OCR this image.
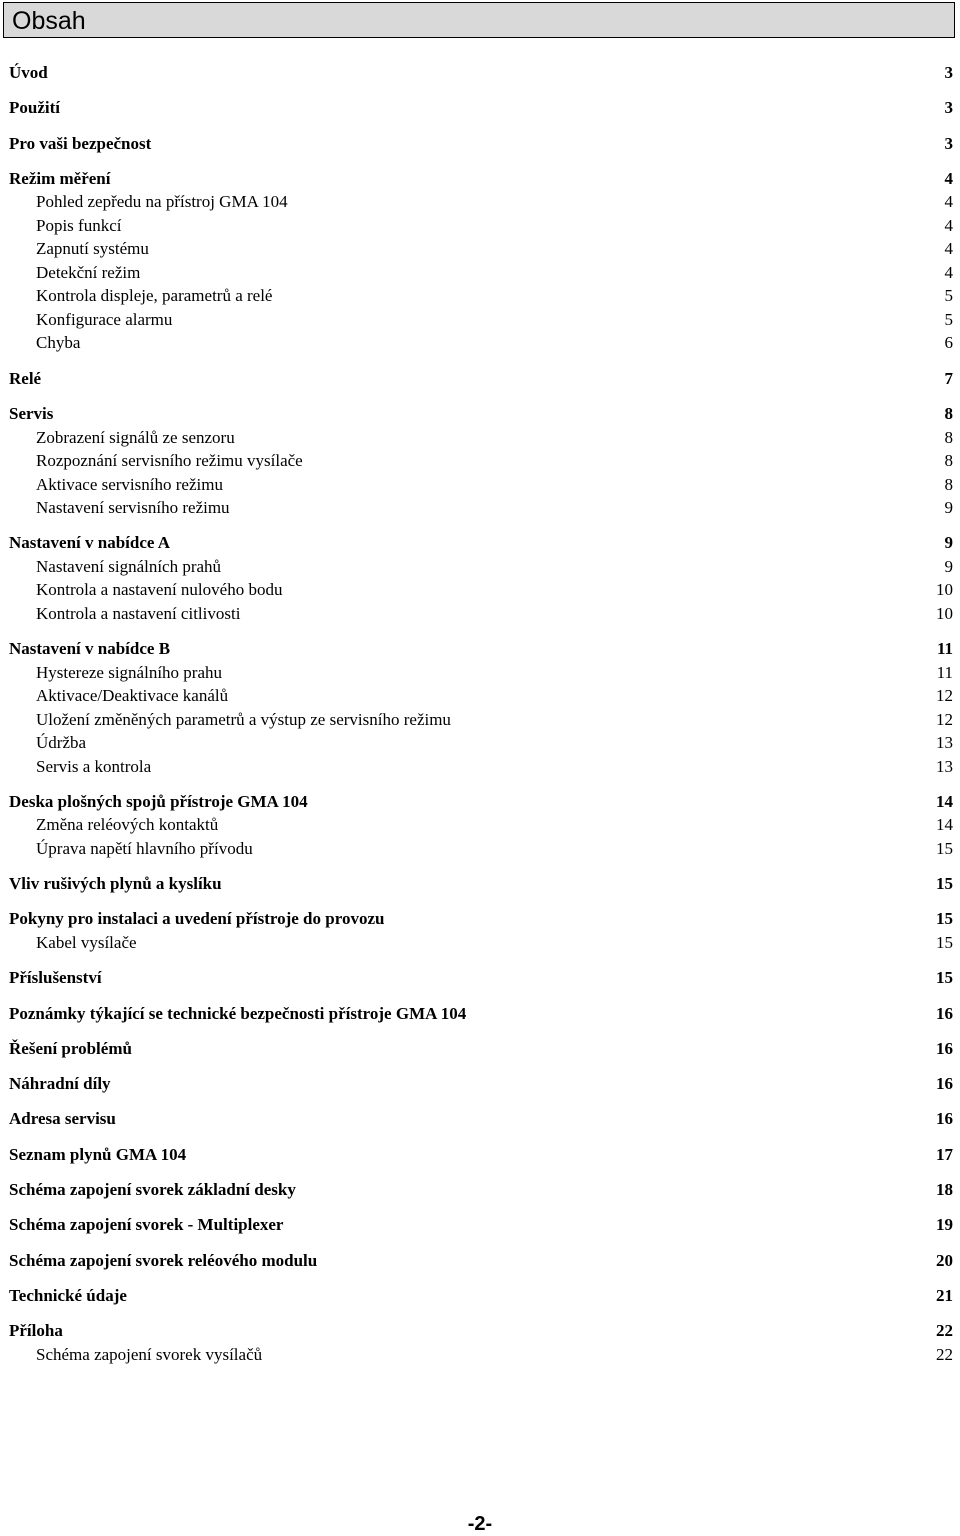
Obsah
Úvod	3
Použití	3
Pro vaši bezpečnost	3
Režim měření	4
Pohled zepředu na přístroj GMA 104	4
Popis funkcí	4
Zapnutí systému	4
Detekční režim	4
Kontrola displeje, parametrů a relé	5
Konfigurace alarmu	5
Chyba	6
Relé	7
Servis	8
Zobrazení signálů ze senzoru	8
Rozpoznání servisního režimu vysílače	8
Aktivace servisního režimu	8
Nastavení servisního režimu	9
Nastavení v nabídce A	9
Nastavení signálních prahů	9
Kontrola a nastavení nulového bodu	10
Kontrola a nastavení citlivosti	10
Nastavení v nabídce B	11
Hystereze signálního prahu	11
Aktivace/Deaktivace kanálů	12
Uložení změněných parametrů a výstup ze servisního režimu	12
Údržba	13
Servis a kontrola	13
Deska plošných spojů přístroje GMA 104	14
Změna reléových kontaktů	14
Úprava napětí hlavního přívodu	15
Vliv rušivých plynů a kyslíku	15
Pokyny pro instalaci a uvedení přístroje do provozu	15
Kabel vysílače	15
Příslušenství	15
Poznámky týkající se technické bezpečnosti přístroje GMA 104	16
Řešení problémů	16
Náhradní díly	16
Adresa servisu	16
Seznam plynů GMA 104	17
Schéma zapojení svorek základní desky	18
Schéma zapojení svorek - Multiplexer	19
Schéma zapojení svorek reléového modulu	20
Technické údaje	21
Příloha	22
Schéma zapojení svorek vysílačů	22
-2-
